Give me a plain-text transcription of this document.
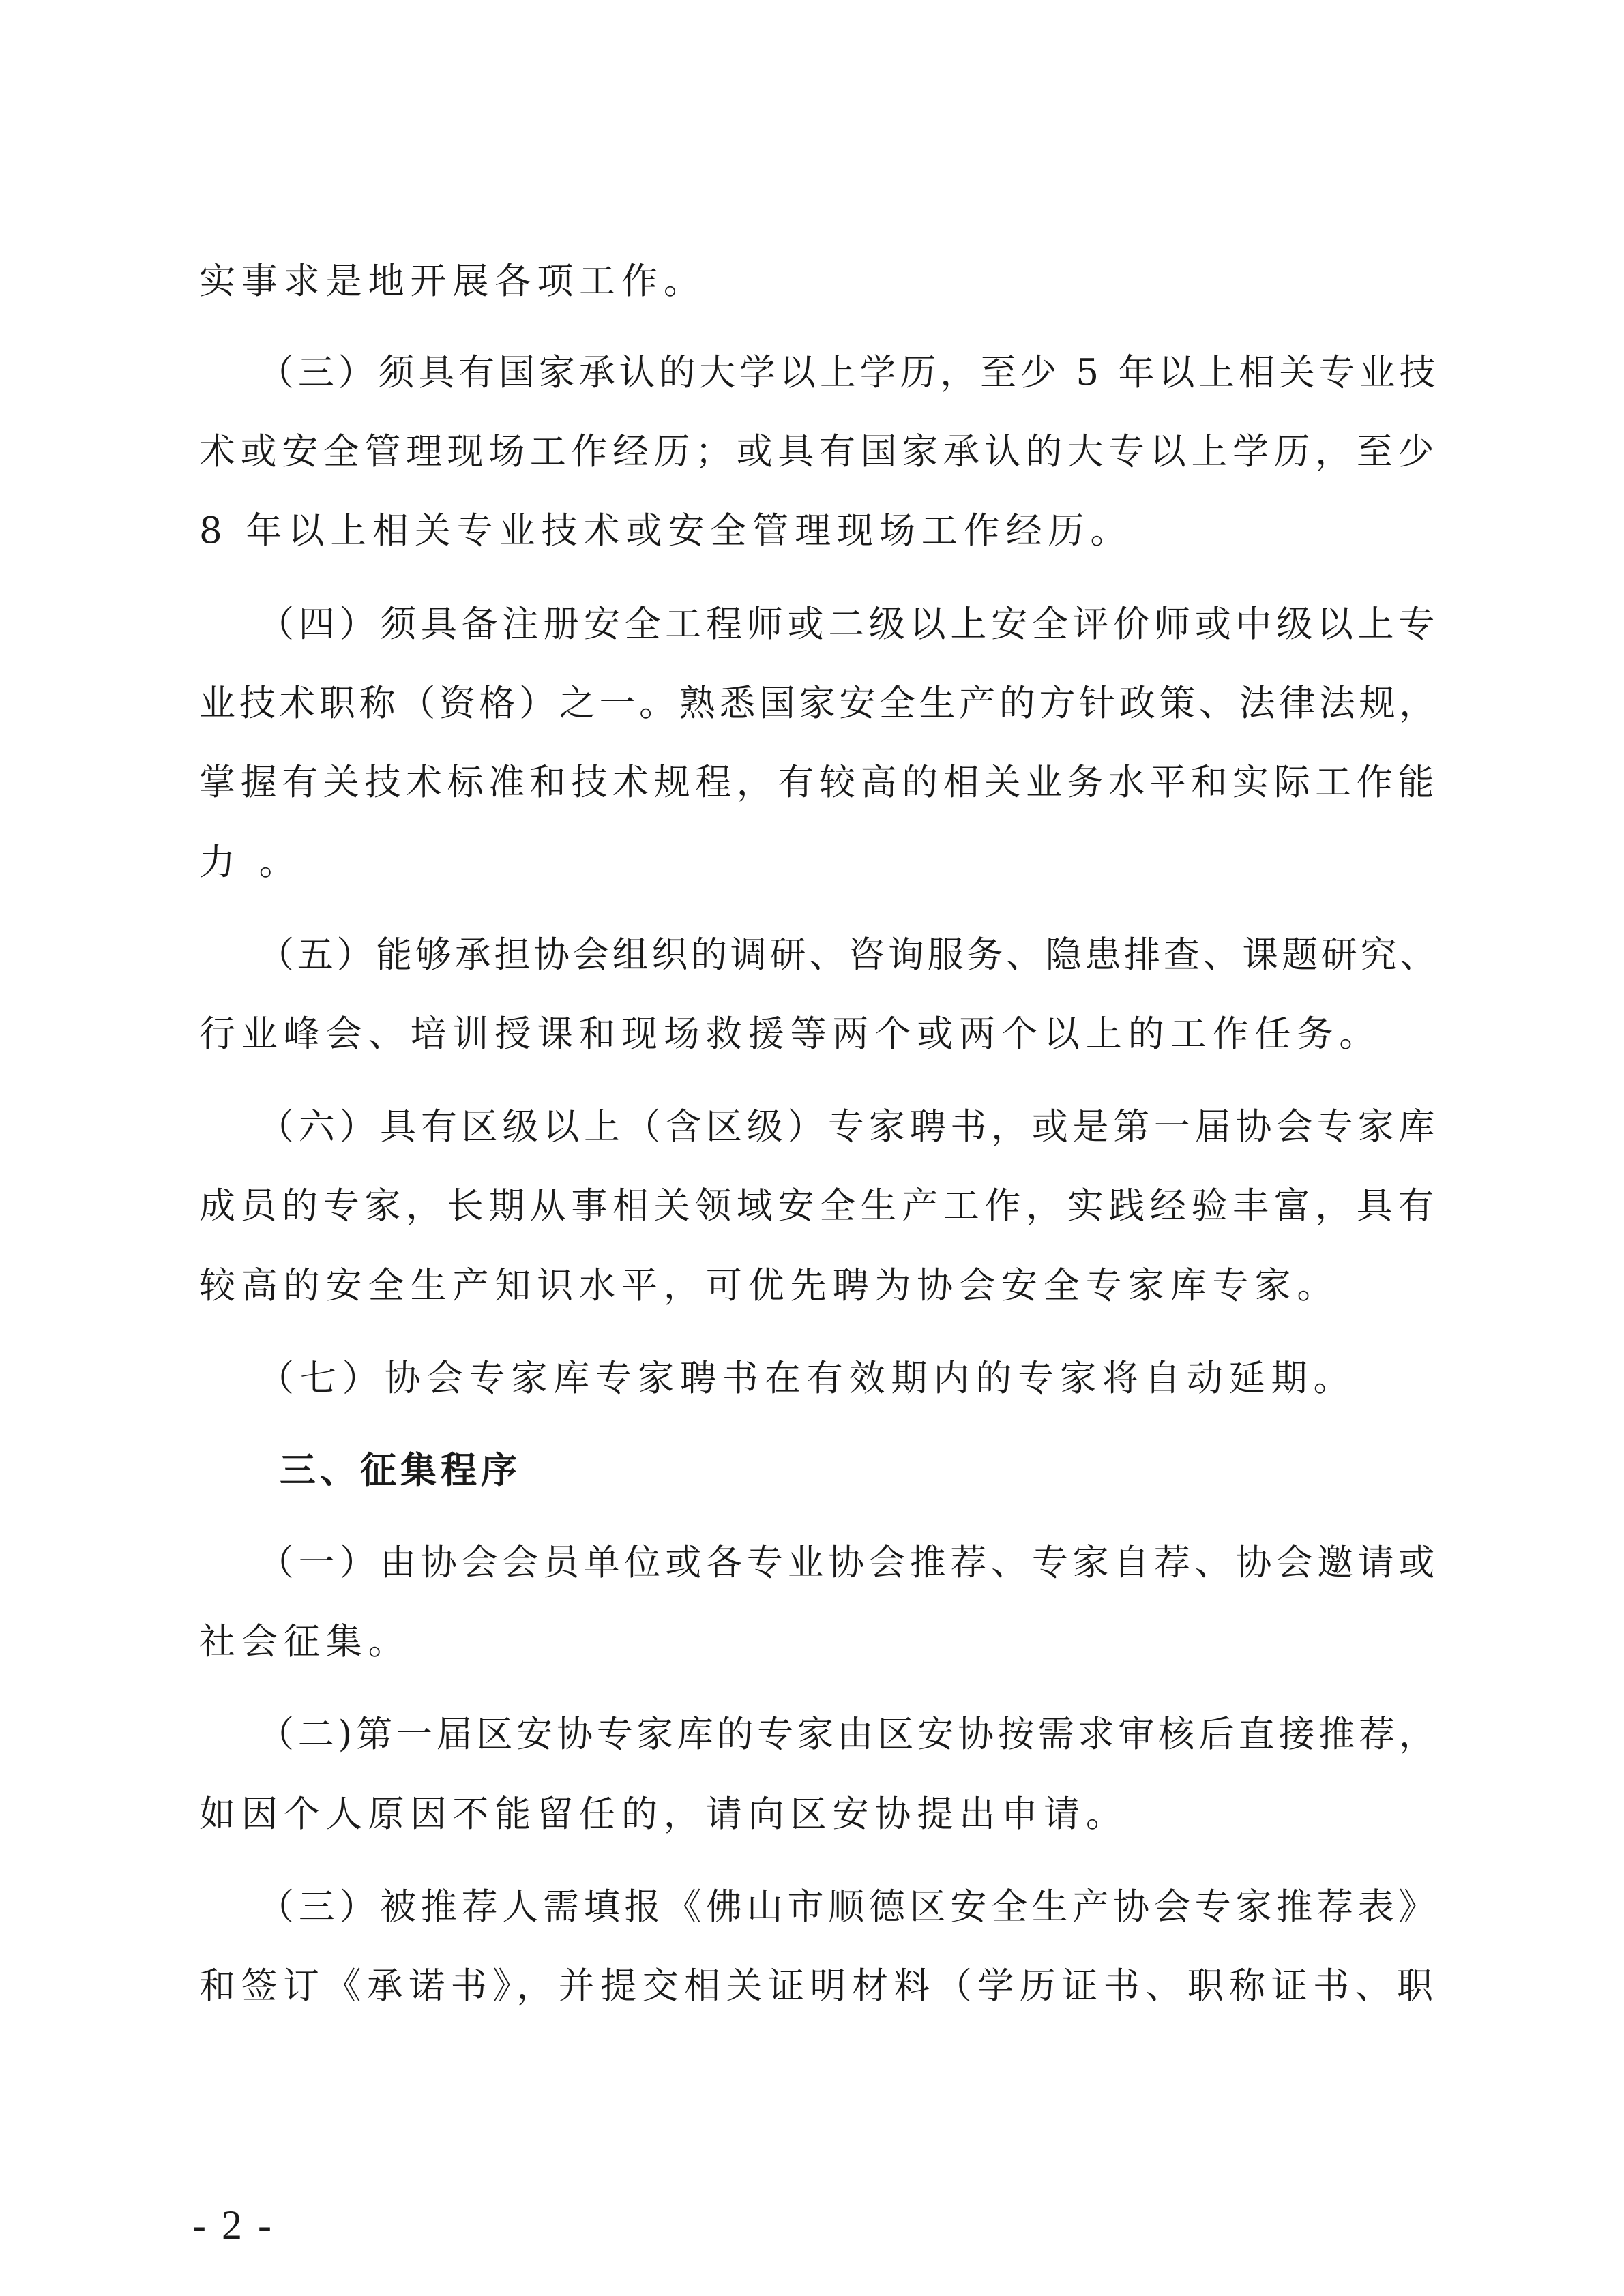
实事求是地开展各项工作。
（三）须具有国家承认的大学以上学历，至少 5 年以上相关专业技
术或安全管理现场工作经历；或具有国家承认的大专以上学历，至少
8 年以上相关专业技术或安全管理现场工作经历。
（四）须具备注册安全工程师或二级以上安全评价师或中级以上专
业技术职称（资格）之一。熟悉国家安全生产的方针政策、法律法规，
掌握有关技术标准和技术规程，有较高的相关业务水平和实际工作能
力 。
（五）能够承担协会组织的调研、咨询服务、隐患排查、课题研究、
行业峰会、培训授课和现场救援等两个或两个以上的工作任务。
（六）具有区级以上（含区级）专家聘书，或是第一届协会专家库
成员的专家，长期从事相关领域安全生产工作，实践经验丰富，具有
较高的安全生产知识水平，可优先聘为协会安全专家库专家。
（七）协会专家库专家聘书在有效期内的专家将自动延期。
三、征集程序
（一）由协会会员单位或各专业协会推荐、专家自荐、协会邀请或
社会征集。
（二)第一届区安协专家库的专家由区安协按需求审核后直接推荐，
如因个人原因不能留任的，请向区安协提出申请。
（三）被推荐人需填报《佛山市顺德区安全生产协会专家推荐表》
和签订《承诺书》，并提交相关证明材料（学历证书、职称证书、职
- 2 -
